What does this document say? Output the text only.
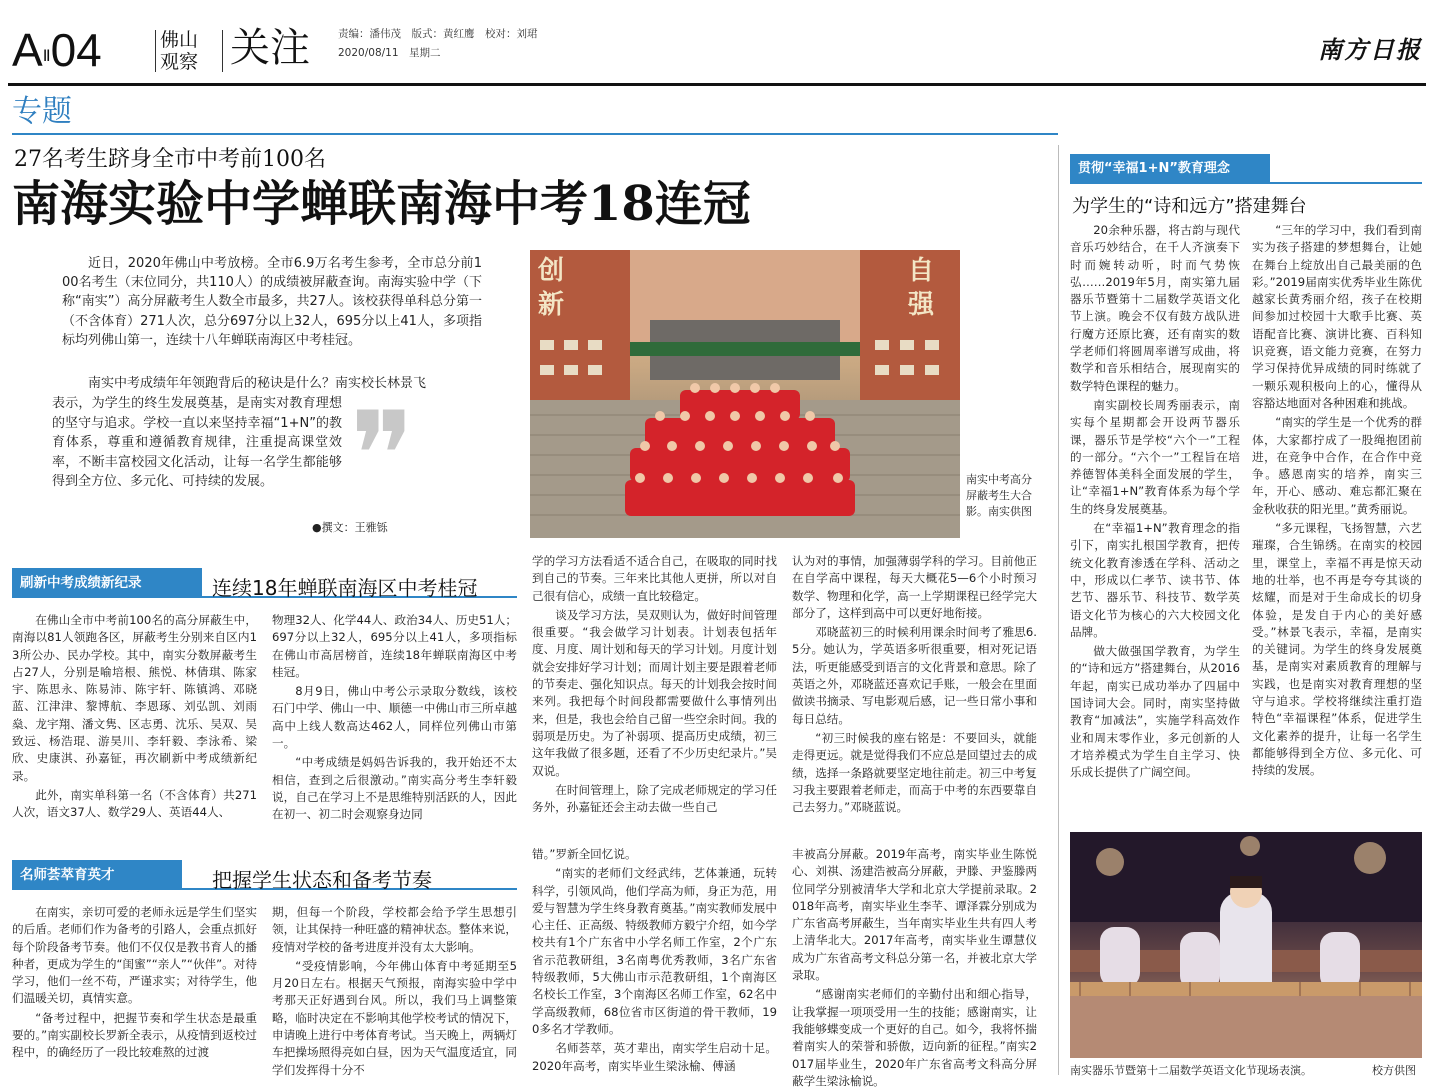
AⅡ04	佛山
观察 关注	责编：潘伟茂　版式：黄红鹰　校对：刘珺
2020/08/11　星期二	南方日报
专题
27名考生跻身全市中考前100名
南海实验中学蝉联南海中考18连冠

近日，2020年佛山中考放榜。全市6.9万名考生参考，全市总分前100名考生（末位同分，共110人）的成绩被屏蔽查询。南海实验中学（下称“南实”）高分屏蔽考生人数全市最多，共27人。该校获得单科总分第一（不含体育）271人次，总分697分以上32人，695分以上41人，多项指标均列佛山第一，连续十八年蝉联南海区中考桂冠。

南实中考成绩年年领跑背后的秘诀是什么？南实校长林景飞

表示，为学生的终生发展奠基，是南实对教育理想的坚守与追求。学校一直以来坚持幸福“1+N”的教育体系，尊重和遵循教育规律，注重提高课堂效率，不断丰富校园文化活动，让每一名学生都能够得到全方位、多元化、可持续的发展。 ❞
●撰文：王雅铄
创 新
自 强
南实中考高分屏蔽考生大合影。南实供图
刷新中考成绩新纪录	连续18年蝉联南海区中考桂冠

在佛山全市中考前100名的高分屏蔽生中，南海以81人领跑各区，屏蔽考生分别来自区内13所公办、民办学校。其中，南实分数屏蔽考生占27人，分别是喻培根、熊悦、林倩琪、陈家宇、陈思永、陈易沛、陈宇轩、陈镇鸿、邓晓蓝、江津津、黎博航、李恩琢、刘弘凯、刘雨燊、龙宇翔、潘文隽、区志勇、沈乐、吴双、吴致远、杨浩琨、游昊川、李轩毅、李泳希、梁欣、史康淇、孙嘉钲，再次刷新中考成绩新纪录。

此外，南实单科第一名（不含体育）共271人次，语文37人、数学29人、英语44人、

物理32人、化学44人、政治34人、历史51人；697分以上32人，695分以上41人，多项指标在佛山市高居榜首，连续18年蝉联南海区中考桂冠。

8月9日，佛山中考公示录取分数线，该校石门中学、佛山一中、顺德一中佛山市三所卓越高中上线人数高达462人，同样位列佛山市第一。

“中考成绩是妈妈告诉我的，我开始还不太相信，查到之后很激动。”南实高分考生李轩毅说，自己在学习上不是思维特别活跃的人，因此在初一、初二时会观察身边同

学的学习方法看适不适合自己，在吸取的同时找到自己的节奏。三年来比其他人更拼，所以对自己很有信心，成绩一直比较稳定。

谈及学习方法，吴双则认为，做好时间管理很重要。“我会做学习计划表。计划表包括年度、月度、周计划和每天的学习计划。月度计划就会安排好学习计划；而周计划主要是跟着老师的节奏走、强化知识点。每天的计划我会按时间来列。我把每个时间段都需要做什么事情列出来，但是，我也会给自己留一些空余时间。我的弱项是历史。为了补弱项、提高历史成绩，初三这年我做了很多题，还看了不少历史纪录片。”吴双说。

在时间管理上，除了完成老师规定的学习任务外，孙嘉钲还会主动去做一些自己

认为对的事情，加强薄弱学科的学习。目前他正在自学高中课程，每天大概花5—6个小时预习数学、物理和化学，高一上学期课程已经学完大部分了，这样到高中可以更好地衔接。

邓晓蓝初三的时候利用课余时间考了雅思6.5分。她认为，学英语多听很重要，相对死记语法，听更能感受到语言的文化背景和意思。除了英语之外，邓晓蓝还喜欢记手账，一般会在里面做读书摘录、写电影观后感，记一些日常小事和每日总结。

“初三时候我的座右铭是：不要回头，就能走得更远。就是觉得我们不应总是回望过去的成绩，选择一条路就要坚定地往前走。初三中考复习我主要跟着老师走，而高于中考的东西要靠自己去努力。”邓晓蓝说。

名师荟萃育英才	把握学生状态和备考节奏

在南实，亲切可爱的老师永远是学生们坚实的后盾。老师们作为备考的引路人，会重点抓好每个阶段备考节奏。他们不仅仅是教书育人的播种者，更成为学生的“闺蜜”“亲人”“伙伴”。对待学习，他们一丝不苟，严谨求实；对待学生，他们温暖关切，真情实意。

“备考过程中，把握节奏和学生状态是最重要的。”南实副校长罗新全表示，从疫情到返校过程中，的确经历了一段比较难熬的过渡

期，但每一个阶段，学校都会给予学生思想引领，让其保持一种旺盛的精神状态。整体来说，疫情对学校的备考进度并没有太大影响。

“受疫情影响，今年佛山体育中考延期至5月20日左右。根据天气预报，南海实验中学中考那天正好遇到台风。所以，我们马上调整策略，临时决定在不影响其他学校考试的情况下，申请晚上进行中考体育考试。当天晚上，两辆灯车把操场照得亮如白昼，因为天气温度适宜，同学们发挥得十分不

错。”罗新全回忆说。

“南实的老师们文经武纬，艺体兼通，玩转科学，引领风尚，他们学高为师，身正为范，用爱与智慧为学生终身教育奠基。”南实教师发展中心主任、正高级、特级教师方毅宁介绍，如今学校共有1个广东省中小学名师工作室，2个广东省示范教研组，3名南粤优秀教师，3名广东省特级教师，5大佛山市示范教研组，1个南海区名校长工作室，3个南海区名师工作室，62名中学高级教师，68位省市区街道的骨干教师，190多名才学教师。

名师荟萃，英才辈出，南实学生启动十足。2020年高考，南实毕业生梁泳榆、傅涵

丰被高分屏蔽。2019年高考，南实毕业生陈悦心、刘祺、汤建浩被高分屏蔽，尹滕、尹鉴滕两位同学分别被清华大学和北京大学提前录取。2018年高考，南实毕业生李芊、谭泽霖分别成为广东省高考屏蔽生，当年南实毕业生共有四人考上清华北大。2017年高考，南实毕业生谭慧仪成为广东省高考文科总分第一名，并被北京大学录取。

“感谢南实老师们的辛勤付出和细心指导，让我掌握一项项受用一生的技能；感谢南实，让我能够蝶变成一个更好的自己。如今，我将怀揣着南实人的荣誉和骄傲，迈向新的征程。”南实2017届毕业生，2020年广东省高考文科高分屏蔽学生梁泳榆说。

贯彻“幸福1+N”教育理念
为学生的“诗和远方”搭建舞台

20余种乐器，将古韵与现代音乐巧妙结合，在千人齐演奏下时而婉转动听，时而气势恢弘……2019年5月，南实第九届器乐节暨第十二届数学英语文化节上演。晚会不仅有鼓方战队进行魔方还原比赛，还有南实的数学老师们将圆周率谱写成曲，将数学和音乐相结合，展现南实的数学特色课程的魅力。

南实副校长周秀丽表示，南实每个星期都会开设两节器乐课，器乐节是学校“六个一”工程的一部分。“六个一”工程旨在培养德智体美科全面发展的学生，让“幸福1+N”教育体系为每个学生的终身发展奠基。

在“幸福1+N”教育理念的指引下，南实扎根国学教育，把传统文化教育渗透在学科、活动之中，形成以仁孝节、读书节、体艺节、器乐节、科技节、数学英语文化节为核心的六大校园文化品牌。

做大做强国学教育，为学生的“诗和远方”搭建舞台，从2016年起，南实已成功举办了四届中国诗词大会。同时，南实坚持做教育“加减法”，实施学科高效作业和周末零作业，多元创新的人才培养模式为学生自主学习、快乐成长提供了广阔空间。

“三年的学习中，我们看到南实为孩子搭建的梦想舞台，让她在舞台上绽放出自己最美丽的色彩。”2019届南实优秀毕业生陈优越家长黄秀丽介绍，孩子在校期间参加过校园十大歌手比赛、英语配音比赛、演讲比赛、百科知识竞赛，语文能力竞赛，在努力学习保持优异成绩的同时练就了一颗乐观积极向上的心，懂得从容豁达地面对各种困难和挑战。

“南实的学生是一个优秀的群体，大家都拧成了一股绳抱团前进，在竞争中合作，在合作中竞争。感恩南实的培养，南实三年，开心、感动、难忘都汇聚在金秋收获的阳光里。”黄秀丽说。

“多元课程，飞扬智慧，六艺璀璨，合生锦绣。在南实的校园里，课堂上，幸福不再是惊天动地的壮举，也不再是夸夸其谈的炫耀，而是对于生命成长的切身体验，是发自于内心的美好感受。”林景飞表示，幸福，是南实的关键词。为学生的终身发展奠基，是南实对素质教育的理解与实践，也是南实对教育理想的坚守与追求。学校将继续注重打造特色“幸福课程”体系，促进学生文化素养的提升，让每一名学生都能够得到全方位、多元化、可持续的发展。

南实器乐节暨第十二届数学英语文化节现场表演。	校方供图
